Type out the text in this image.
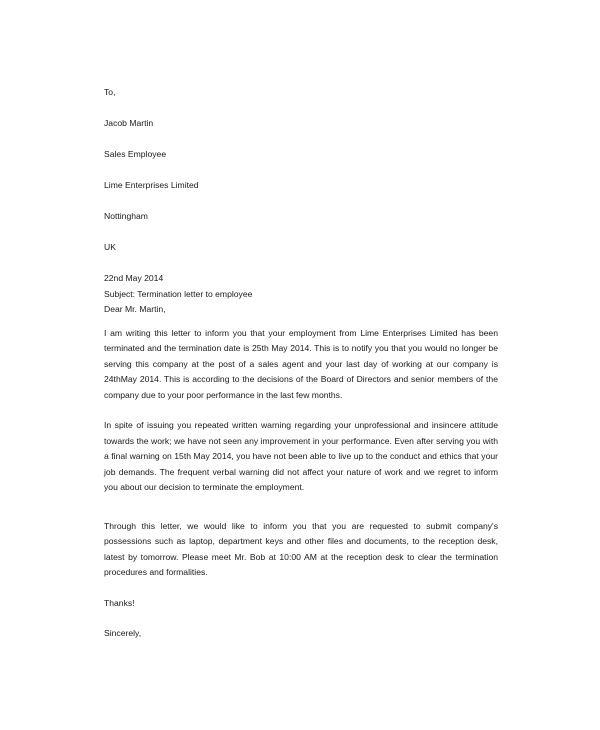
To,

Jacob Martin

Sales Employee

Lime Enterprises Limited

Nottingham

UK

22nd May 2014

Subject: Termination letter to employee

Dear Mr. Martin,

I am writing this letter to inform you that your employment from Lime Enterprises Limited has been terminated and the termination date is 25th May 2014. This is to notify you that you would no longer be serving this company at the post of a sales agent and your last day of working at our company is 24thMay 2014. This is according to the decisions of the Board of Directors and senior members of the company due to your poor performance in the last few months.

In spite of issuing you repeated written warning regarding your unprofessional and insincere attitude towards the work; we have not seen any improvement in your performance. Even after serving you with a final warning on 15th May 2014, you have not been able to live up to the conduct and ethics that your job demands. The frequent verbal warning did not affect your nature of work and we regret to inform you about our decision to terminate the employment.

Through this letter, we would like to inform you that you are requested to submit company's possessions such as laptop, department keys and other files and documents, to the reception desk, latest by tomorrow. Please meet Mr. Bob at 10:00 AM at the reception desk to clear the termination procedures and formalities.

Thanks!

Sincerely,
